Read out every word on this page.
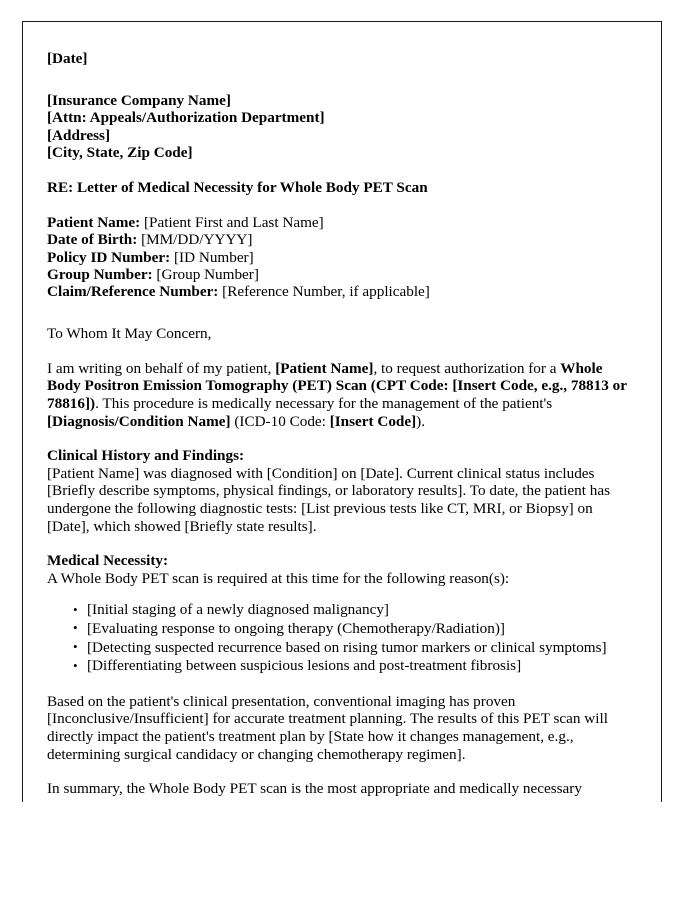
[Date]
[Insurance Company Name]
[Attn: Appeals/Authorization Department]
[Address]
[City, State, Zip Code]
RE: Letter of Medical Necessity for Whole Body PET Scan
Patient Name: [Patient First and Last Name]
Date of Birth: [MM/DD/YYYY]
Policy ID Number: [ID Number]
Group Number: [Group Number]
Claim/Reference Number: [Reference Number, if applicable]
To Whom It May Concern,
I am writing on behalf of my patient, [Patient Name], to request authorization for a Whole Body Positron Emission Tomography (PET) Scan (CPT Code: [Insert Code, e.g., 78813 or 78816]). This procedure is medically necessary for the management of the patient's [Diagnosis/Condition Name] (ICD-10 Code: [Insert Code]).
Clinical History and Findings:
[Patient Name] was diagnosed with [Condition] on [Date]. Current clinical status includes [Briefly describe symptoms, physical findings, or laboratory results]. To date, the patient has undergone the following diagnostic tests: [List previous tests like CT, MRI, or Biopsy] on [Date], which showed [Briefly state results].
Medical Necessity:
A Whole Body PET scan is required at this time for the following reason(s):
• [Initial staging of a newly diagnosed malignancy]
• [Evaluating response to ongoing therapy (Chemotherapy/Radiation)]
• [Detecting suspected recurrence based on rising tumor markers or clinical symptoms]
• [Differentiating between suspicious lesions and post-treatment fibrosis]
Based on the patient's clinical presentation, conventional imaging has proven [Inconclusive/Insufficient] for accurate treatment planning. The results of this PET scan will directly impact the patient's treatment plan by [State how it changes management, e.g., determining surgical candidacy or changing chemotherapy regimen].
In summary, the Whole Body PET scan is the most appropriate and medically necessary
